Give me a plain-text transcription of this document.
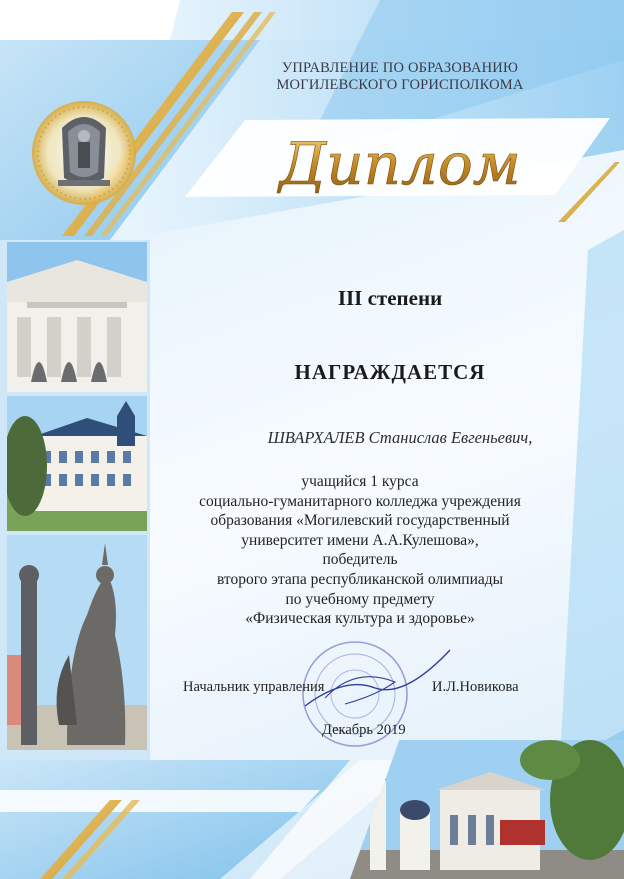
УПРАВЛЕНИЕ ПО ОБРАЗОВАНИЮ
МОГИЛЕВСКОГО ГОРИСПОЛКОМА
Диплом
III степени
НАГРАЖДАЕТСЯ
ШВАРХАЛЕВ Станислав Евгеньевич,
учащийся 1 курса
социально-гуманитарного колледжа учреждения
образования «Могилевский государственный
университет имени А.А.Кулешова»,
победитель
второго этапа республиканской олимпиады
по учебному предмету
«Физическая культура и здоровье»
Начальник управления	И.Л.Новикова
Декабрь 2019
